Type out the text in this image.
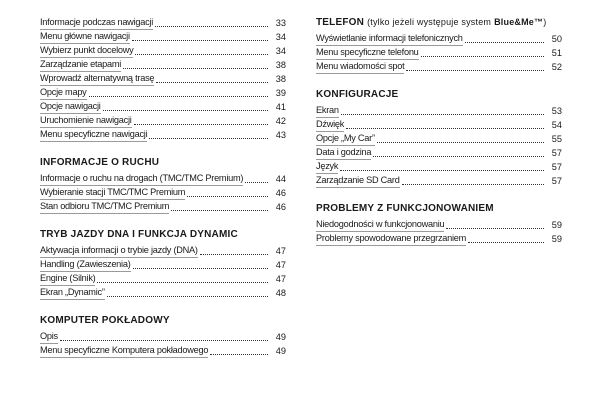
Informacje podczas nawigacji	33
Menu główne nawigacji	34
Wybierz punkt docelowy	34
Zarządzanie etapami	38
Wprowadź alternatywną trasę	38
Opcje mapy	39
Opcje nawigacji	41
Uruchomienie nawigacji	42
Menu specyficzne nawigacji	43
INFORMACJE O RUCHU
Informacje o ruchu na drogach (TMC/TMC Premium)	44
Wybieranie stacji TMC/TMC Premium	46
Stan odbioru TMC/TMC Premium	46
TRYB JAZDY DNA I FUNKCJA DYNAMIC
Aktywacja informacji o trybie jazdy (DNA)	47
Handling (Zawieszenia)	47
Engine (Silnik)	47
Ekran „Dynamic”	48
KOMPUTER POKŁADOWY
Opis	49
Menu specyficzne Komputera pokładowego	49
TELEFON (tylko jeżeli występuje system Blue&Me™)
Wyświetlanie informacji telefonicznych	50
Menu specyficzne telefonu	51
Menu wiadomości spot	52
KONFIGURACJE
Ekran	53
Dźwięk	54
Opcje „My Car”	55
Data i godzina	57
Język	57
Zarządzanie SD Card	57
PROBLEMY Z FUNKCJONOWANIEM
Niedogodności w funkcjonowaniu	59
Problemy spowodowane przegrzaniem	59
